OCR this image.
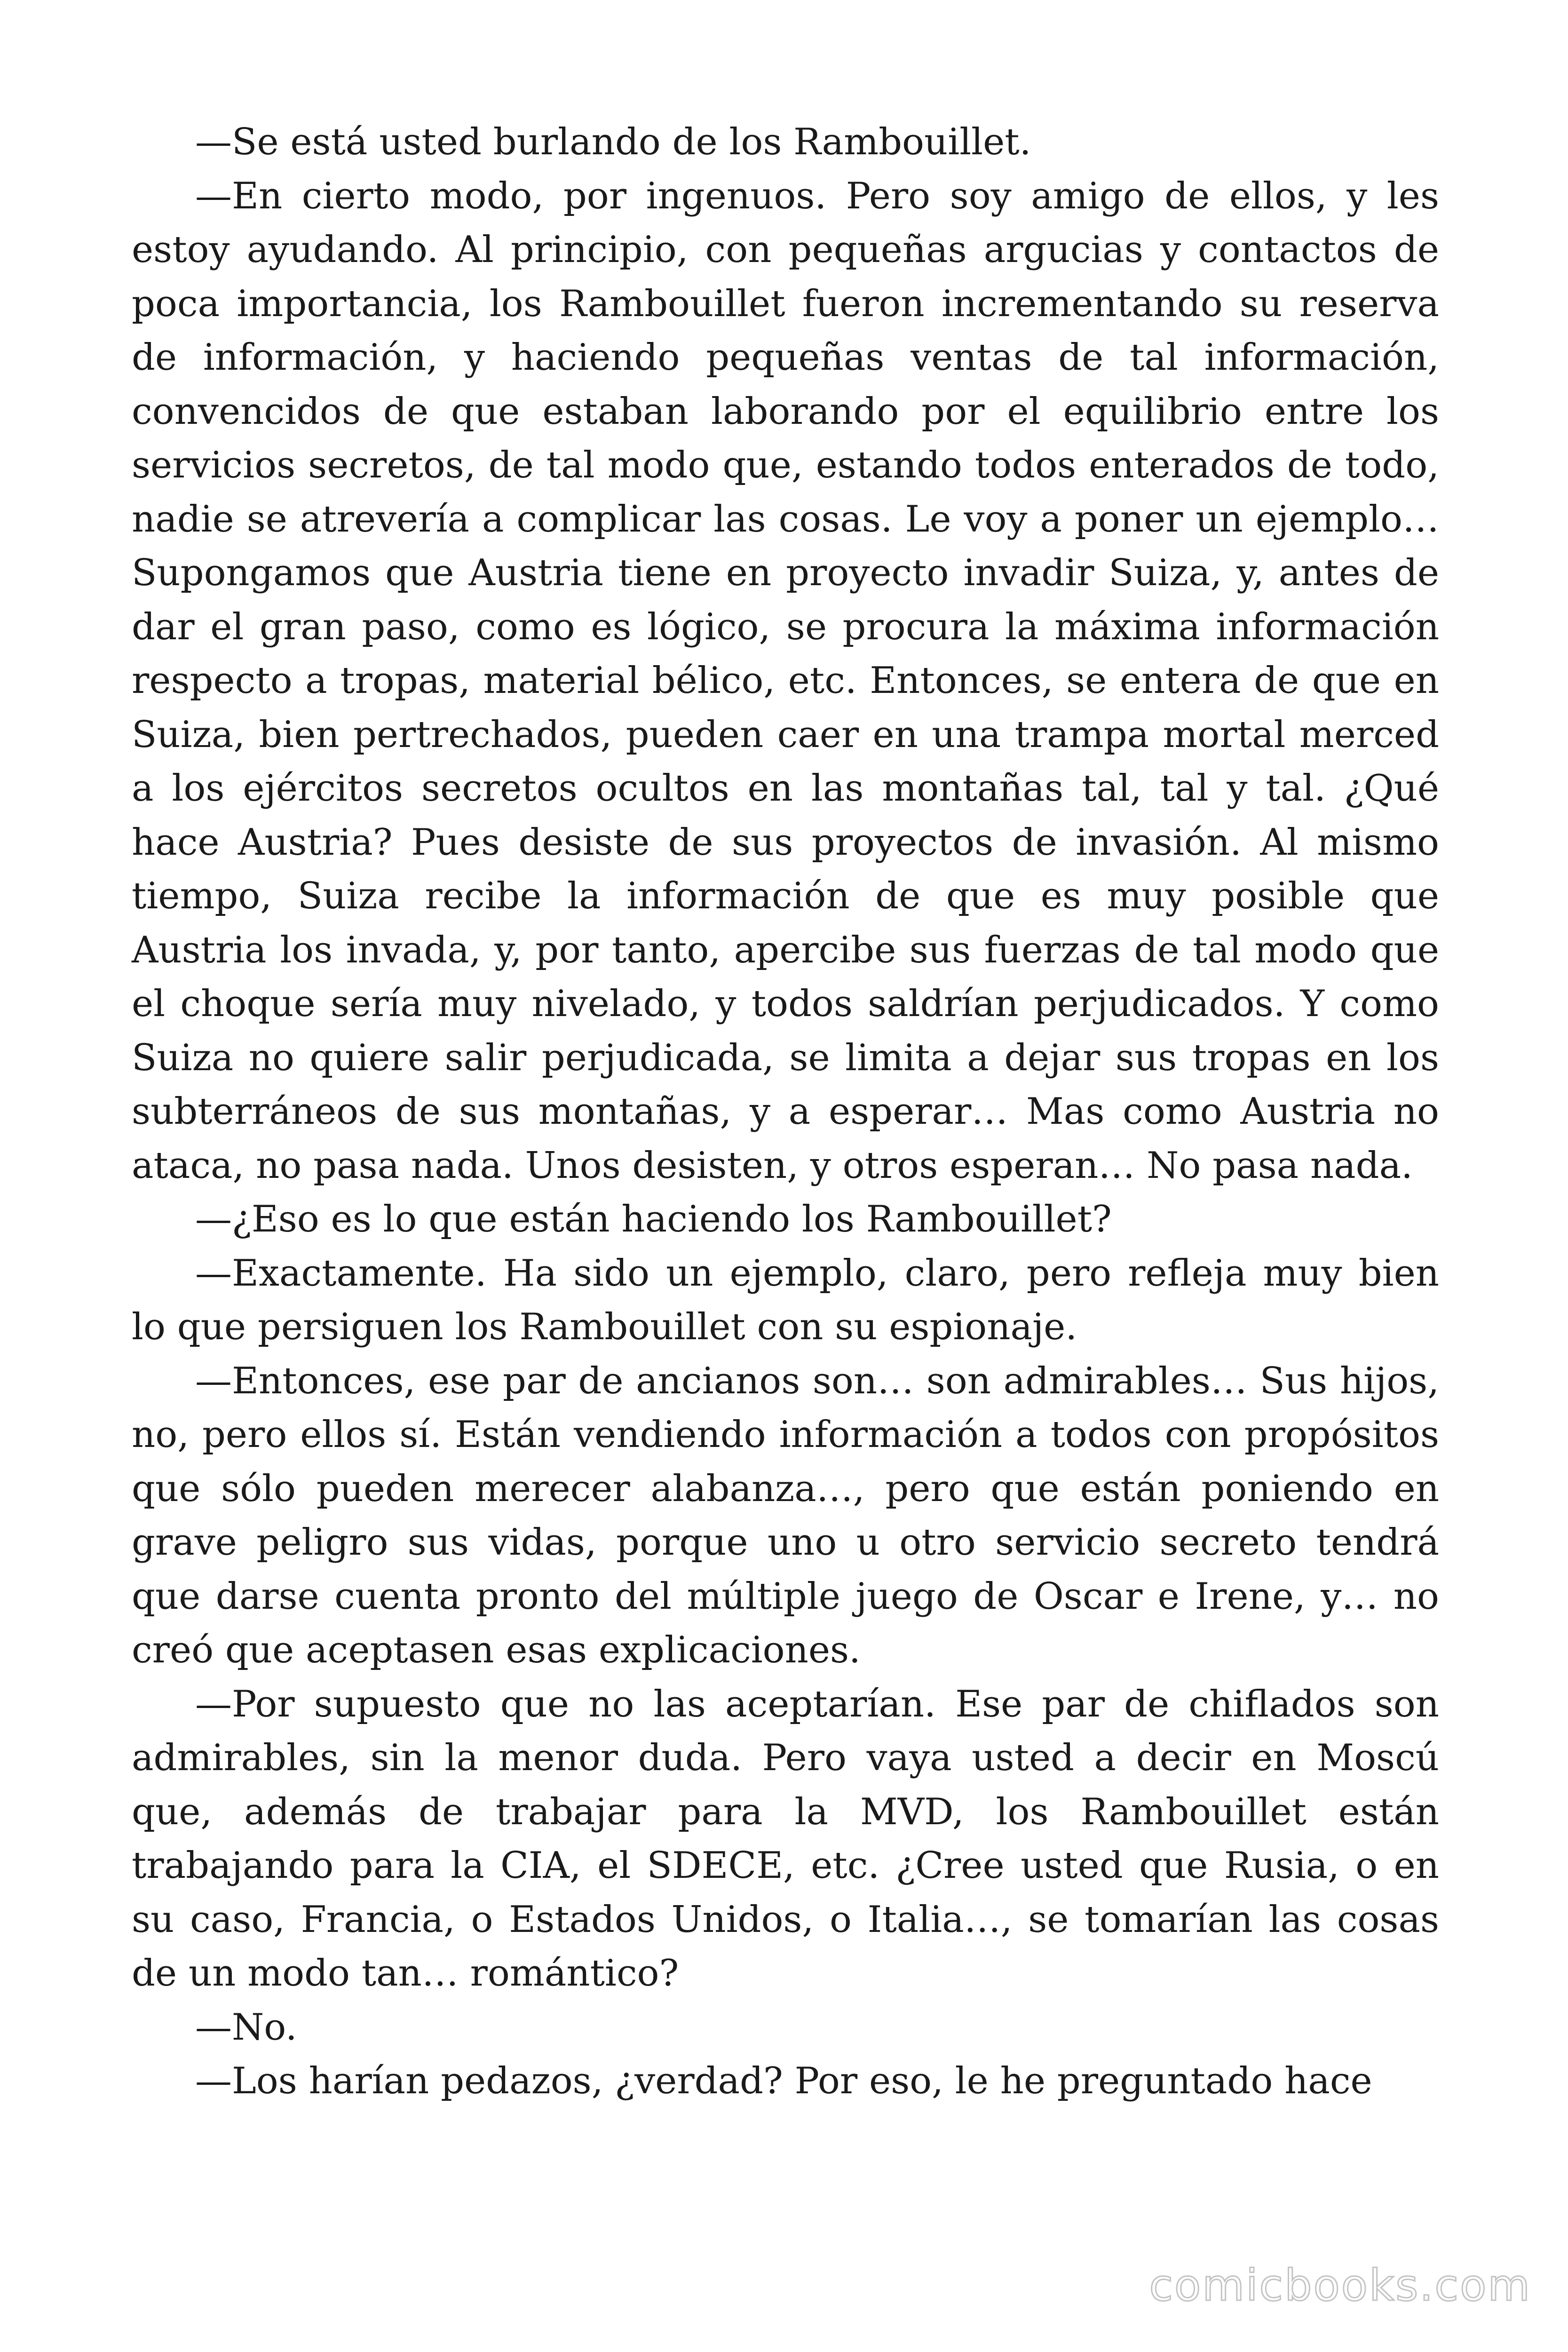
—Se está usted burlando de los Rambouillet.

—En cierto modo, por ingenuos. Pero soy amigo de ellos, y les estoy ayudando. Al principio, con pequeñas argucias y contactos de poca importancia, los Rambouillet fueron incrementando su reserva de información, y haciendo pequeñas ventas de tal información, convencidos de que estaban laborando por el equilibrio entre los servicios secretos, de tal modo que, estando todos enterados de todo, nadie se atrevería a complicar las cosas. Le voy a poner un ejemplo… Supongamos que Austria tiene en proyecto invadir Suiza, y, antes de dar el gran paso, como es lógico, se procura la máxima información respecto a tropas, material bélico, etc. Entonces, se entera de que en Suiza, bien pertrechados, pueden caer en una trampa mortal merced a los ejércitos secretos ocultos en las montañas tal, tal y tal. ¿Qué hace Austria? Pues desiste de sus proyectos de invasión. Al mismo tiempo, Suiza recibe la información de que es muy posible que Austria los invada, y, por tanto, apercibe sus fuerzas de tal modo que el choque sería muy nivelado, y todos saldrían perjudicados. Y como Suiza no quiere salir perjudicada, se limita a dejar sus tropas en los subterráneos de sus montañas, y a esperar… Mas como Austria no ataca, no pasa nada. Unos desisten, y otros esperan… No pasa nada.

—¿Eso es lo que están haciendo los Rambouillet?

—Exactamente. Ha sido un ejemplo, claro, pero refleja muy bien lo que persiguen los Rambouillet con su espionaje.

—Entonces, ese par de ancianos son… son admirables… Sus hijos, no, pero ellos sí. Están vendiendo información a todos con propósitos que sólo pueden merecer alabanza…, pero que están poniendo en grave peligro sus vidas, porque uno u otro servicio secreto tendrá que darse cuenta pronto del múltiple juego de Oscar e Irene, y… no creó que aceptasen esas explicaciones.

—Por supuesto que no las aceptarían. Ese par de chiflados son admirables, sin la menor duda. Pero vaya usted a decir en Moscú que, además de trabajar para la MVD, los Rambouillet están trabajando para la CIA, el SDECE, etc. ¿Cree usted que Rusia, o en su caso, Francia, o Estados Unidos, o Italia…, se tomarían las cosas de un modo tan… romántico?

—No.

—Los harían pedazos, ¿verdad? Por eso, le he preguntado hace

comicbooks.com
